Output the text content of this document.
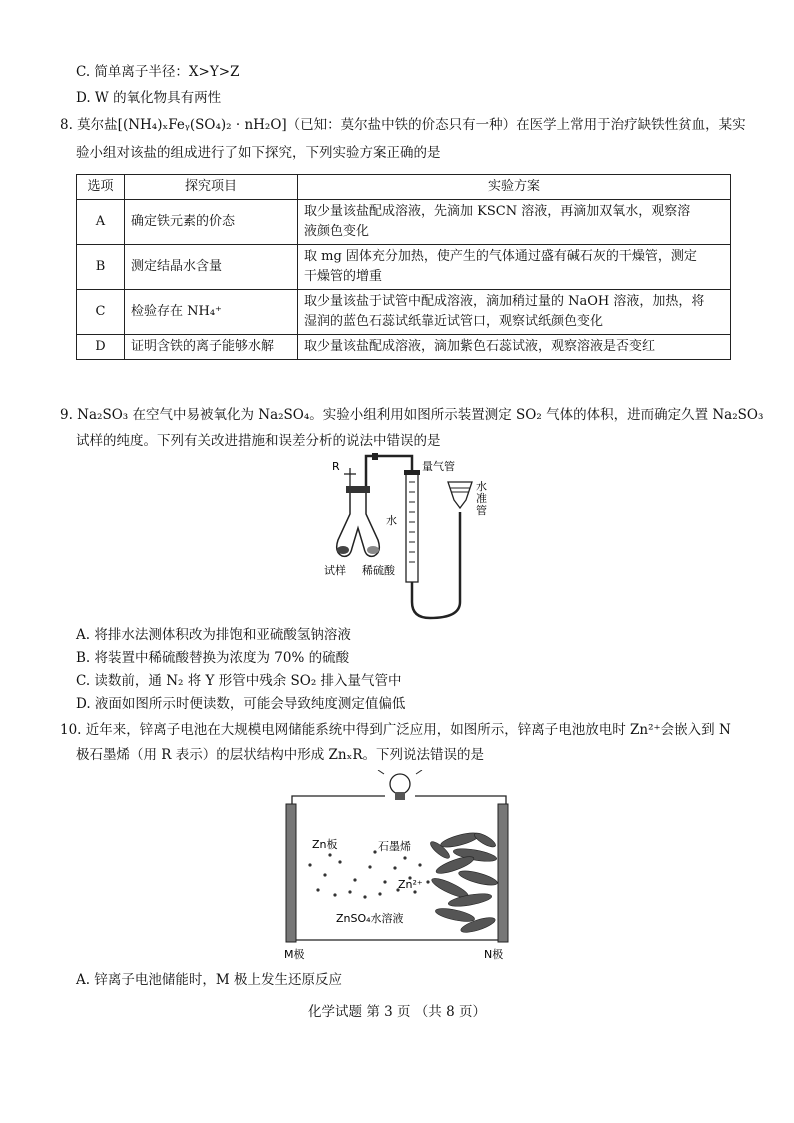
C. 简单离子半径：X>Y>Z
D. W 的氧化物具有两性
8. 莫尔盐[(NH₄)ₓFeᵧ(SO₄)₂ · nH₂O]（已知：莫尔盐中铁的价态只有一种）在医学上常用于治疗缺铁性贫血，某实
验小组对该盐的组成进行了如下探究，下列实验方案正确的是
选项	探究项目	实验方案
A	确定铁元素的价态	取少量该盐配成溶液，先滴加 KSCN 溶液，再滴加双氧水，观察溶
液颜色变化

B	测定结晶水含量	取 mg 固体充分加热，使产生的气体通过盛有碱石灰的干燥管，测定
干燥管的增重

C	检验存在 NH₄⁺	取少量该盐于试管中配成溶液，滴加稍过量的 NaOH 溶液，加热，将
湿润的蓝色石蕊试纸靠近试管口，观察试纸颜色变化

D	证明含铁的离子能够水解	取少量该盐配成溶液，滴加紫色石蕊试液，观察溶液是否变红
9. Na₂SO₃ 在空气中易被氧化为 Na₂SO₄。实验小组利用如图所示装置测定 SO₂ 气体的体积，进而确定久置 Na₂SO₃
试样的纯度。下列有关改进措施和误差分析的说法中错误的是
R	量气管
水
水准管
试样 稀硫酸
A. 将排水法测体积改为排饱和亚硫酸氢钠溶液
B. 将装置中稀硫酸替换为浓度为 70% 的硫酸
C. 读数前，通 N₂ 将 Y 形管中残余 SO₂ 排入量气管中
D. 液面如图所示时便读数，可能会导致纯度测定值偏低
10. 近年来，锌离子电池在大规模电网储能系统中得到广泛应用，如图所示，锌离子电池放电时 Zn²⁺会嵌入到 N
极石墨烯（用 R 表示）的层状结构中形成 ZnₓR。下列说法错误的是
Zn板	石墨烯
Zn²⁺
ZnSO₄水溶液
M极	N极
A. 锌离子电池储能时，M 极上发生还原反应
化学试题 第 3 页 （共 8 页）
